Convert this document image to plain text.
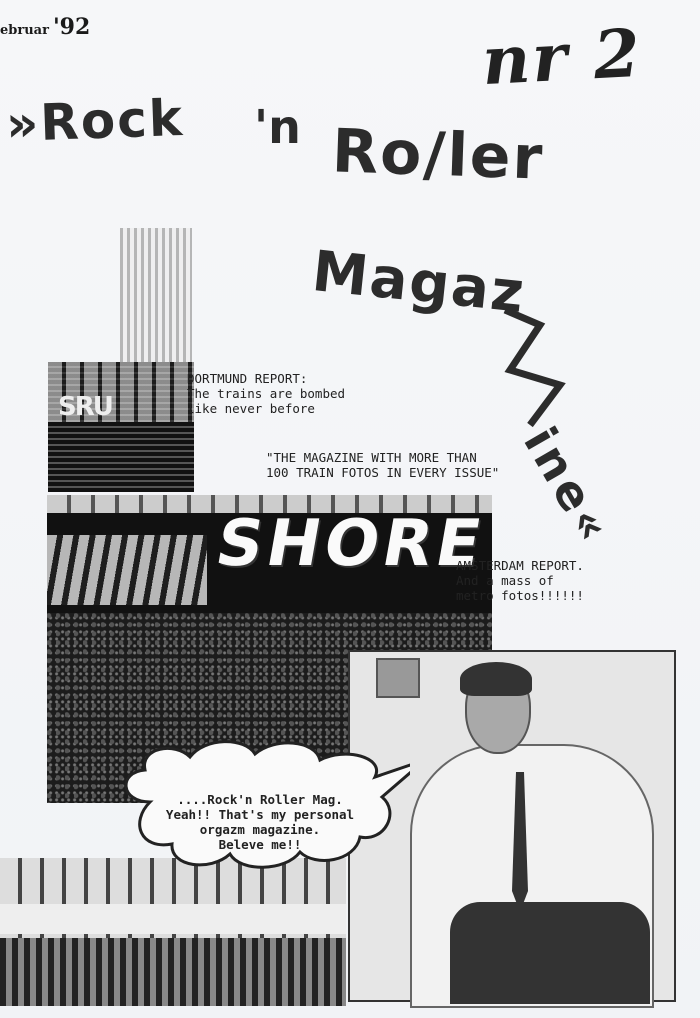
ebruar '92	nr 2
»Rock 'n Ro/ler
Magaz
ine«
SRU
DORTMUND REPORT:
The trains are bombed
like never before
"THE MAGAZINE WITH MORE THAN
100 TRAIN FOTOS IN EVERY ISSUE"
SHORE
AMSTERDAM REPORT.
And a mass of
metro fotos!!!!!!
....Rock'n Roller Mag.
Yeah!! That's my personal
orgazm magazine.
Beleve me!!
